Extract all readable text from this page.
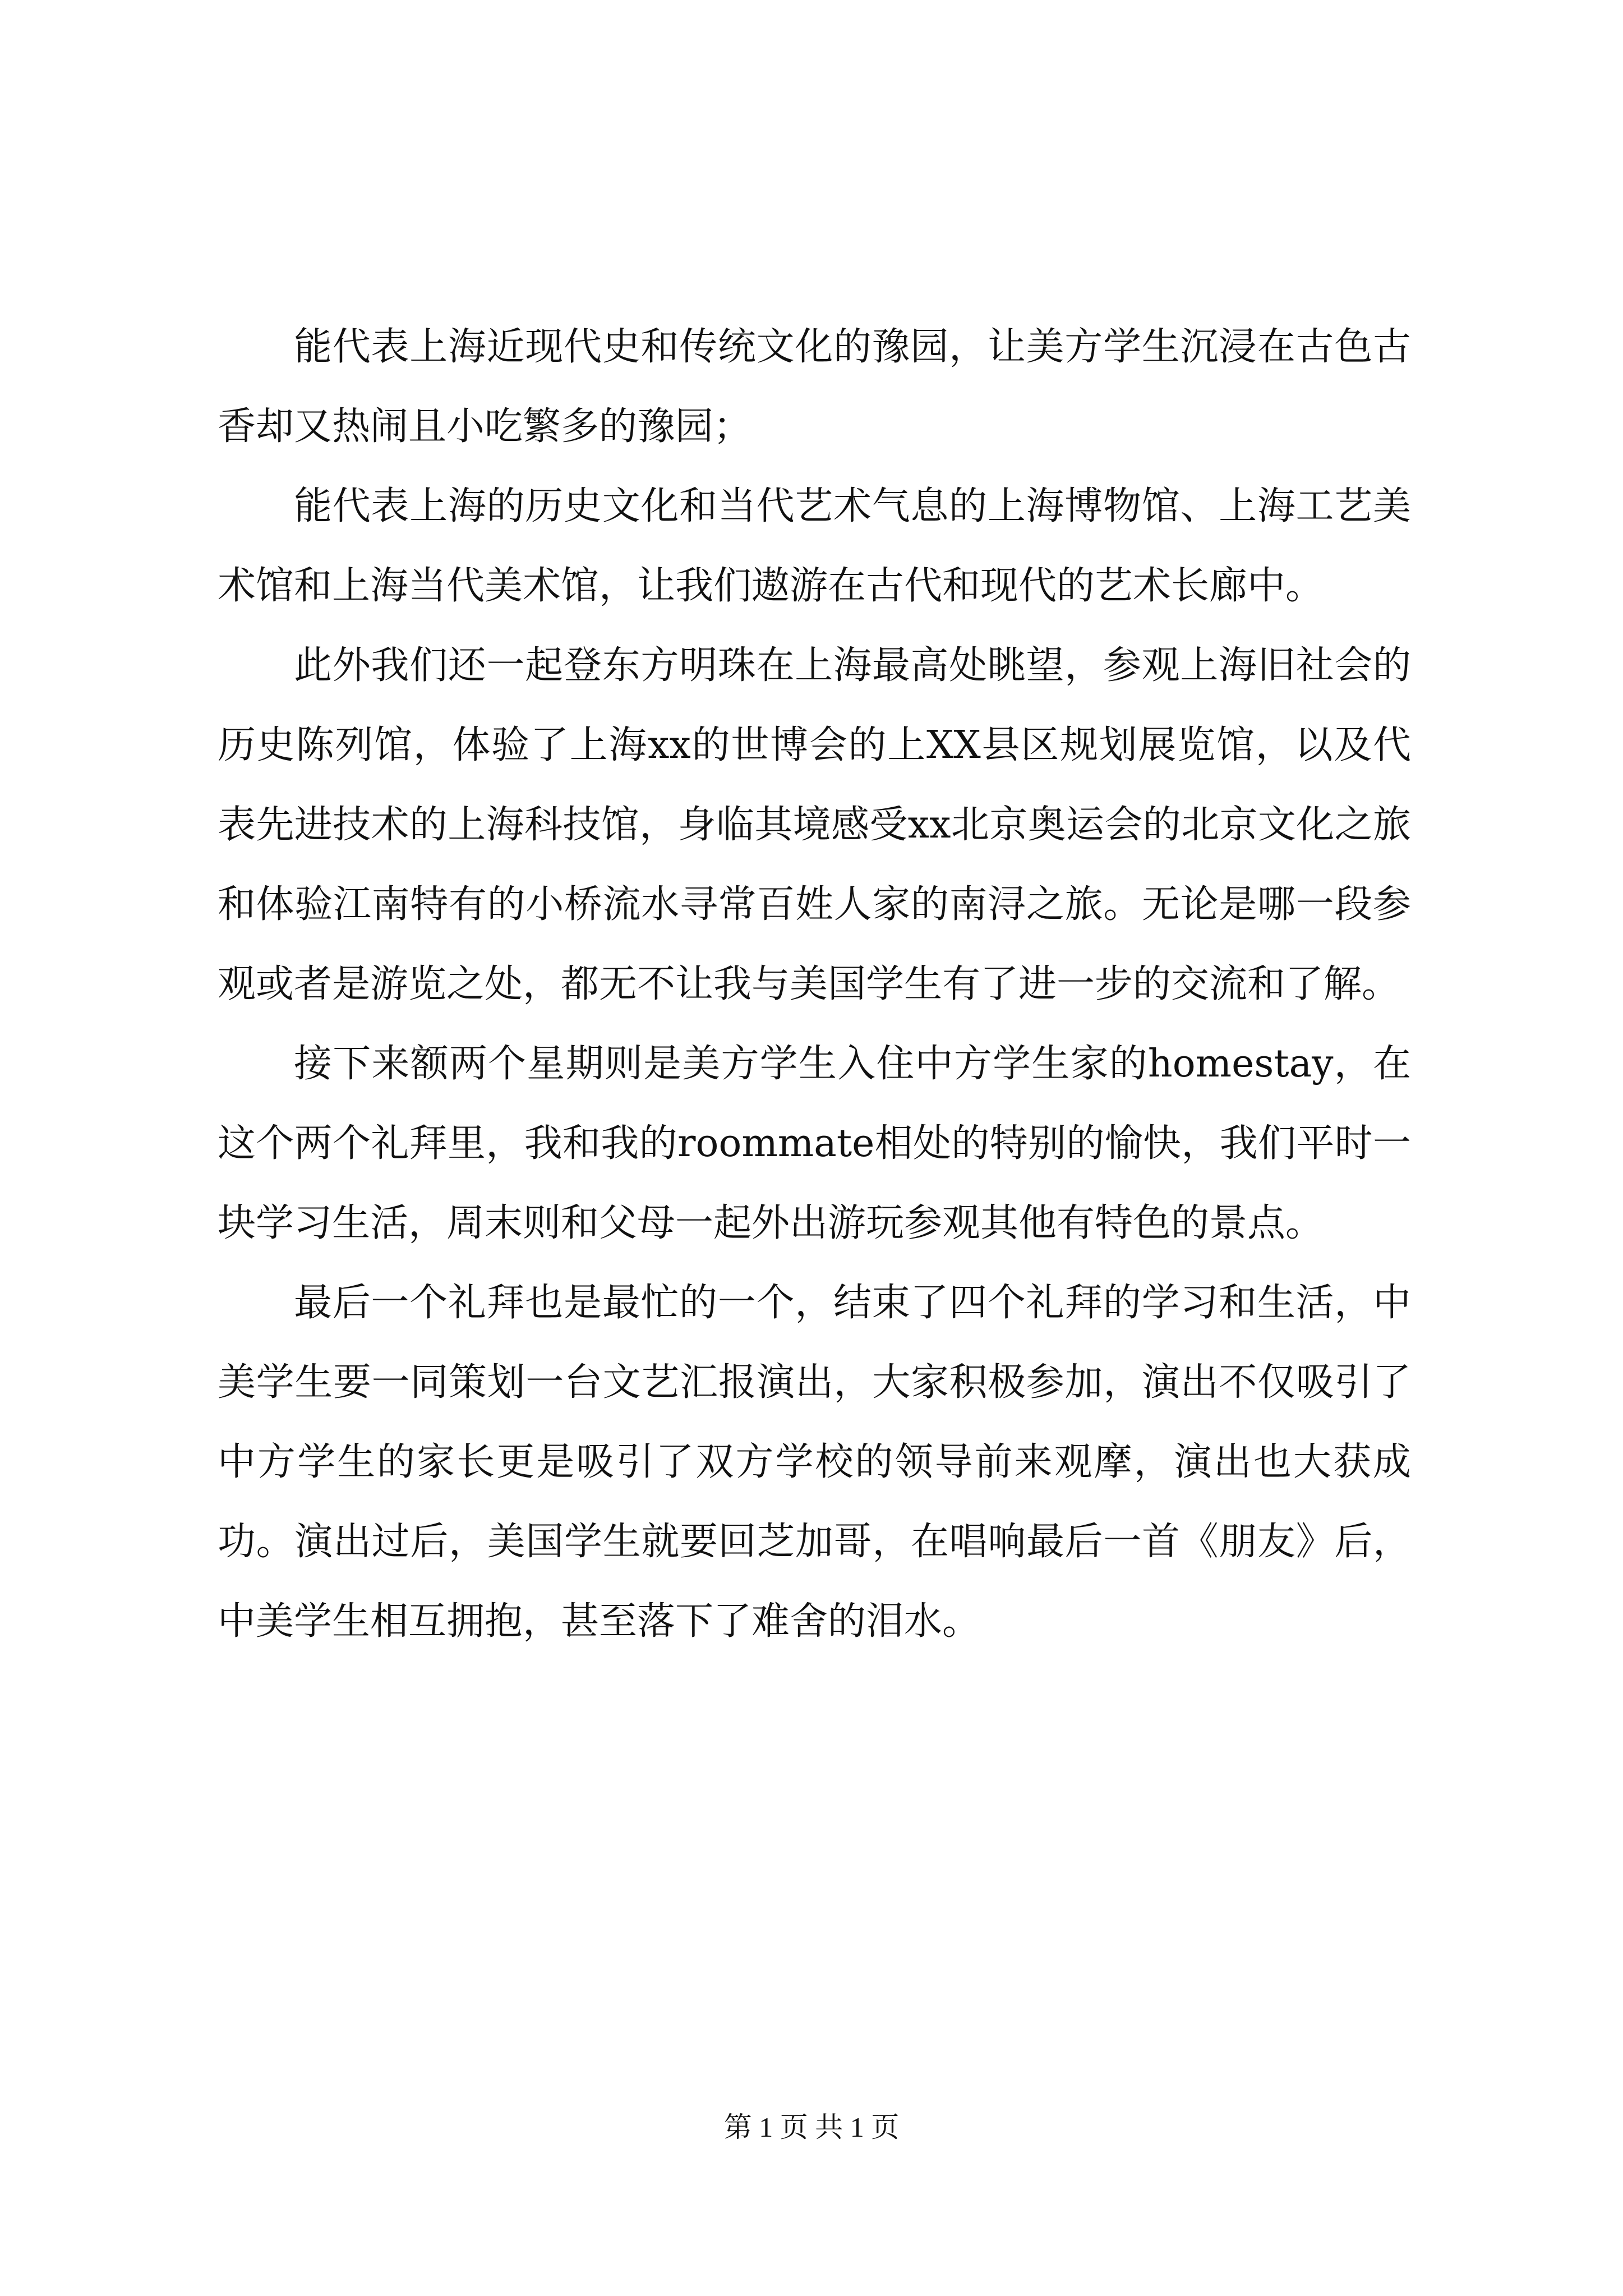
能代表上海近现代史和传统文化的豫园，让美方学生沉浸在古色古香却又热闹且小吃繁多的豫园；

能代表上海的历史文化和当代艺术气息的上海博物馆、上海工艺美术馆和上海当代美术馆，让我们遨游在古代和现代的艺术长廊中。

此外我们还一起登东方明珠在上海最高处眺望，参观上海旧社会的历史陈列馆，体验了上海xx的世博会的上XX县区规划展览馆，以及代表先进技术的上海科技馆，身临其境感受xx北京奥运会的北京文化之旅和体验江南特有的小桥流水寻常百姓人家的南浔之旅。无论是哪一段参观或者是游览之处，都无不让我与美国学生有了进一步的交流和了解。

接下来额两个星期则是美方学生入住中方学生家的homestay，在这个两个礼拜里，我和我的roommate相处的特别的愉快，我们平时一块学习生活，周末则和父母一起外出游玩参观其他有特色的景点。

最后一个礼拜也是最忙的一个，结束了四个礼拜的学习和生活，中美学生要一同策划一台文艺汇报演出，大家积极参加，演出不仅吸引了中方学生的家长更是吸引了双方学校的领导前来观摩，演出也大获成功。演出过后，美国学生就要回芝加哥，在唱响最后一首《朋友》后，中美学生相互拥抱，甚至落下了难舍的泪水。

第 1 页 共 1 页
